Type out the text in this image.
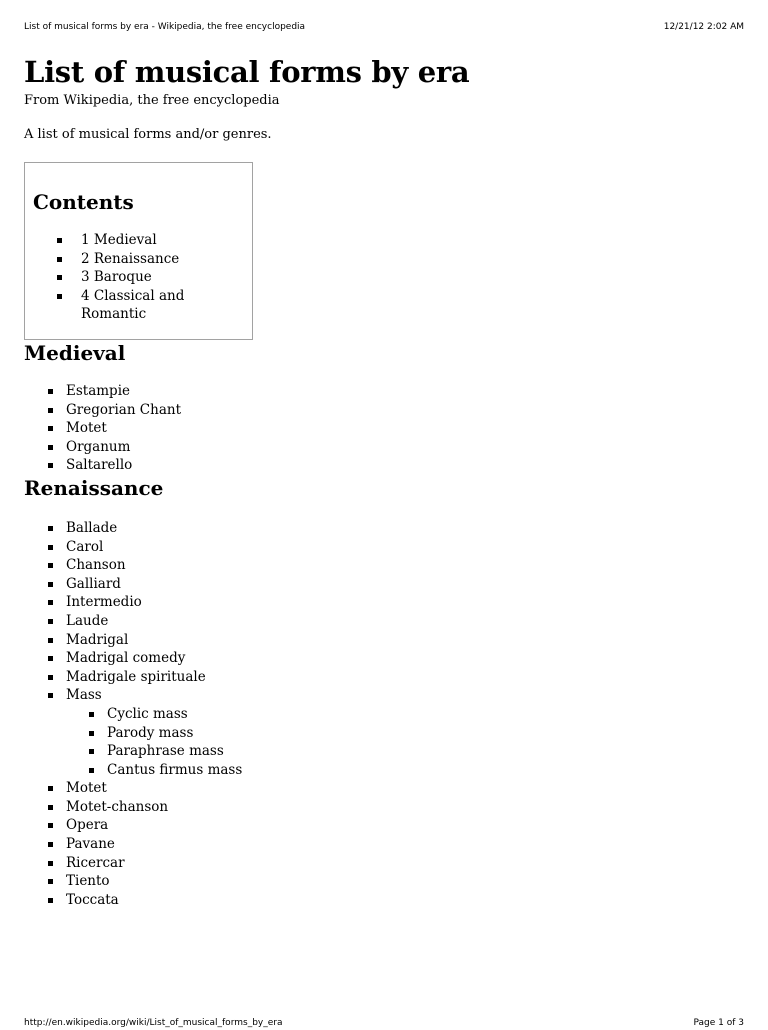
List of musical forms by era - Wikipedia, the free encyclopedia	12/21/12 2:02 AM
List of musical forms by era

From Wikipedia, the free encyclopedia

A list of musical forms and/or genres.

Contents
1 Medieval
2 Renaissance
3 Baroque
4 Classical and Romantic
Medieval
Estampie
Gregorian Chant
Motet
Organum
Saltarello
Renaissance
Ballade
Carol
Chanson
Galliard
Intermedio
Laude
Madrigal
Madrigal comedy
Madrigale spirituale
Mass
Cyclic mass
Parody mass
Paraphrase mass
Cantus firmus mass
Motet
Motet-chanson
Opera
Pavane
Ricercar
Tiento
Toccata
http://en.wikipedia.org/wiki/List_of_musical_forms_by_era	Page 1 of 3
